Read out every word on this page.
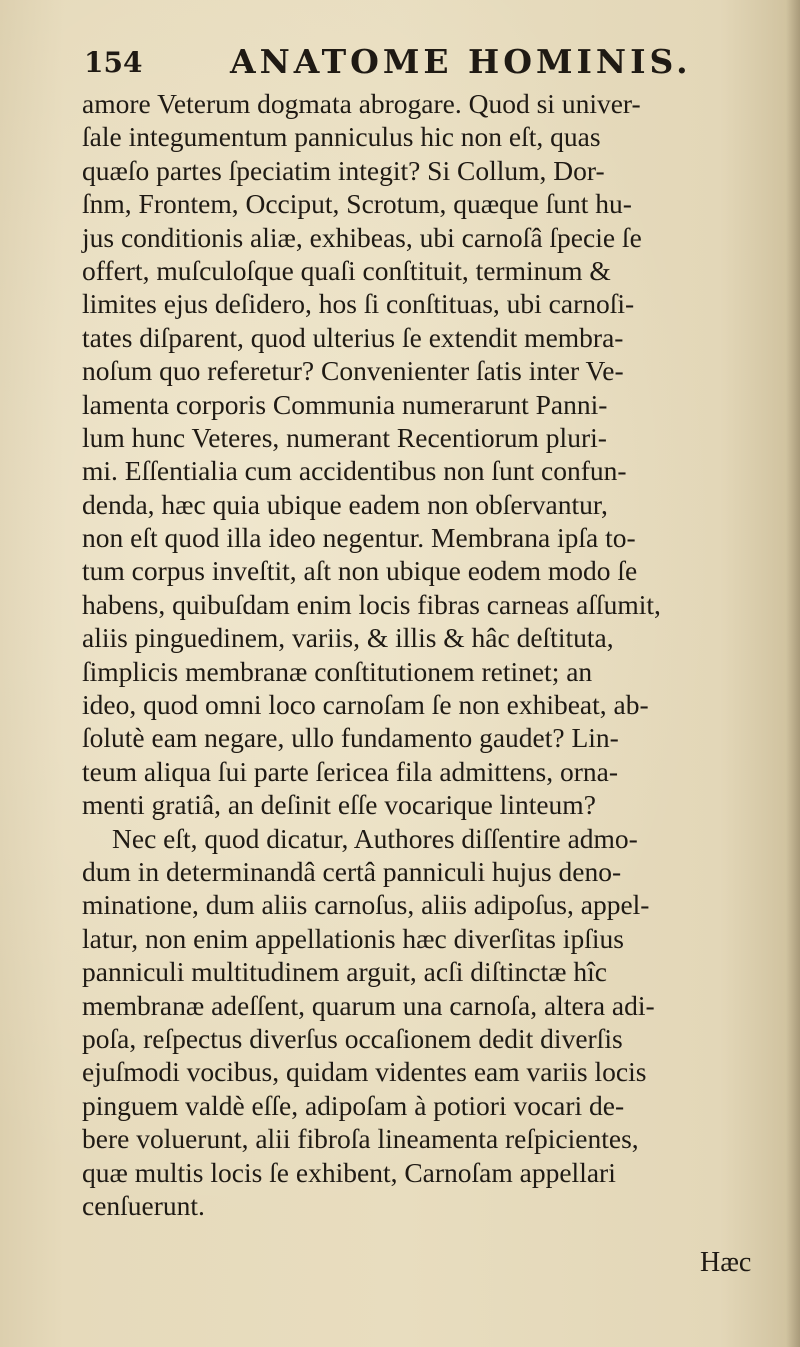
154	ANATOME HOMINIS.
amore Veterum dogmata abrogare. Quod si univer-
ſale integumentum panniculus hic non eſt, quas
quæſo partes ſpeciatim integit? Si Collum, Dor-
ſnm, Frontem, Occiput, Scrotum, quæque ſunt hu-
jus conditionis aliæ, exhibeas, ubi carnoſâ ſpecie ſe
offert, muſculoſque quaſi conſtituit, terminum &
limites ejus deſidero, hos ſi conſtituas, ubi carnoſi-
tates diſparent, quod ulterius ſe extendit membra-
noſum quo referetur? Convenienter ſatis inter Ve-
lamenta corporis Communia numerarunt Panni-
lum hunc Veteres, numerant Recentiorum pluri-
mi. Eſſentialia cum accidentibus non ſunt confun-
denda, hæc quia ubique eadem non obſervantur,
non eſt quod illa ideo negentur. Membrana ipſa to-
tum corpus inveſtit, aſt non ubique eodem modo ſe
habens, quibuſdam enim locis fibras carneas aſſumit,
aliis pinguedinem, variis, & illis & hâc deſtituta,
ſimplicis membranæ conſtitutionem retinet; an
ideo, quod omni loco carnoſam ſe non exhibeat, ab-
ſolutè eam negare, ullo fundamento gaudet? Lin-
teum aliqua ſui parte ſericea fila admittens, orna-
menti gratiâ, an deſinit eſſe vocarique linteum?
Nec eſt, quod dicatur, Authores diſſentire admo-
dum in determinandâ certâ panniculi hujus deno-
minatione, dum aliis carnoſus, aliis adipoſus, appel-
latur, non enim appellationis hæc diverſitas ipſius
panniculi multitudinem arguit, acſi diſtinctæ hîc
membranæ adeſſent, quarum una carnoſa, altera adi-
poſa, reſpectus diverſus occaſionem dedit diverſis
ejuſmodi vocibus, quidam videntes eam variis locis
pinguem valdè eſſe, adipoſam à potiori vocari de-
bere voluerunt, alii fibroſa lineamenta reſpicientes,
quæ multis locis ſe exhibent, Carnoſam appellari
cenſuerunt.
Hæc
